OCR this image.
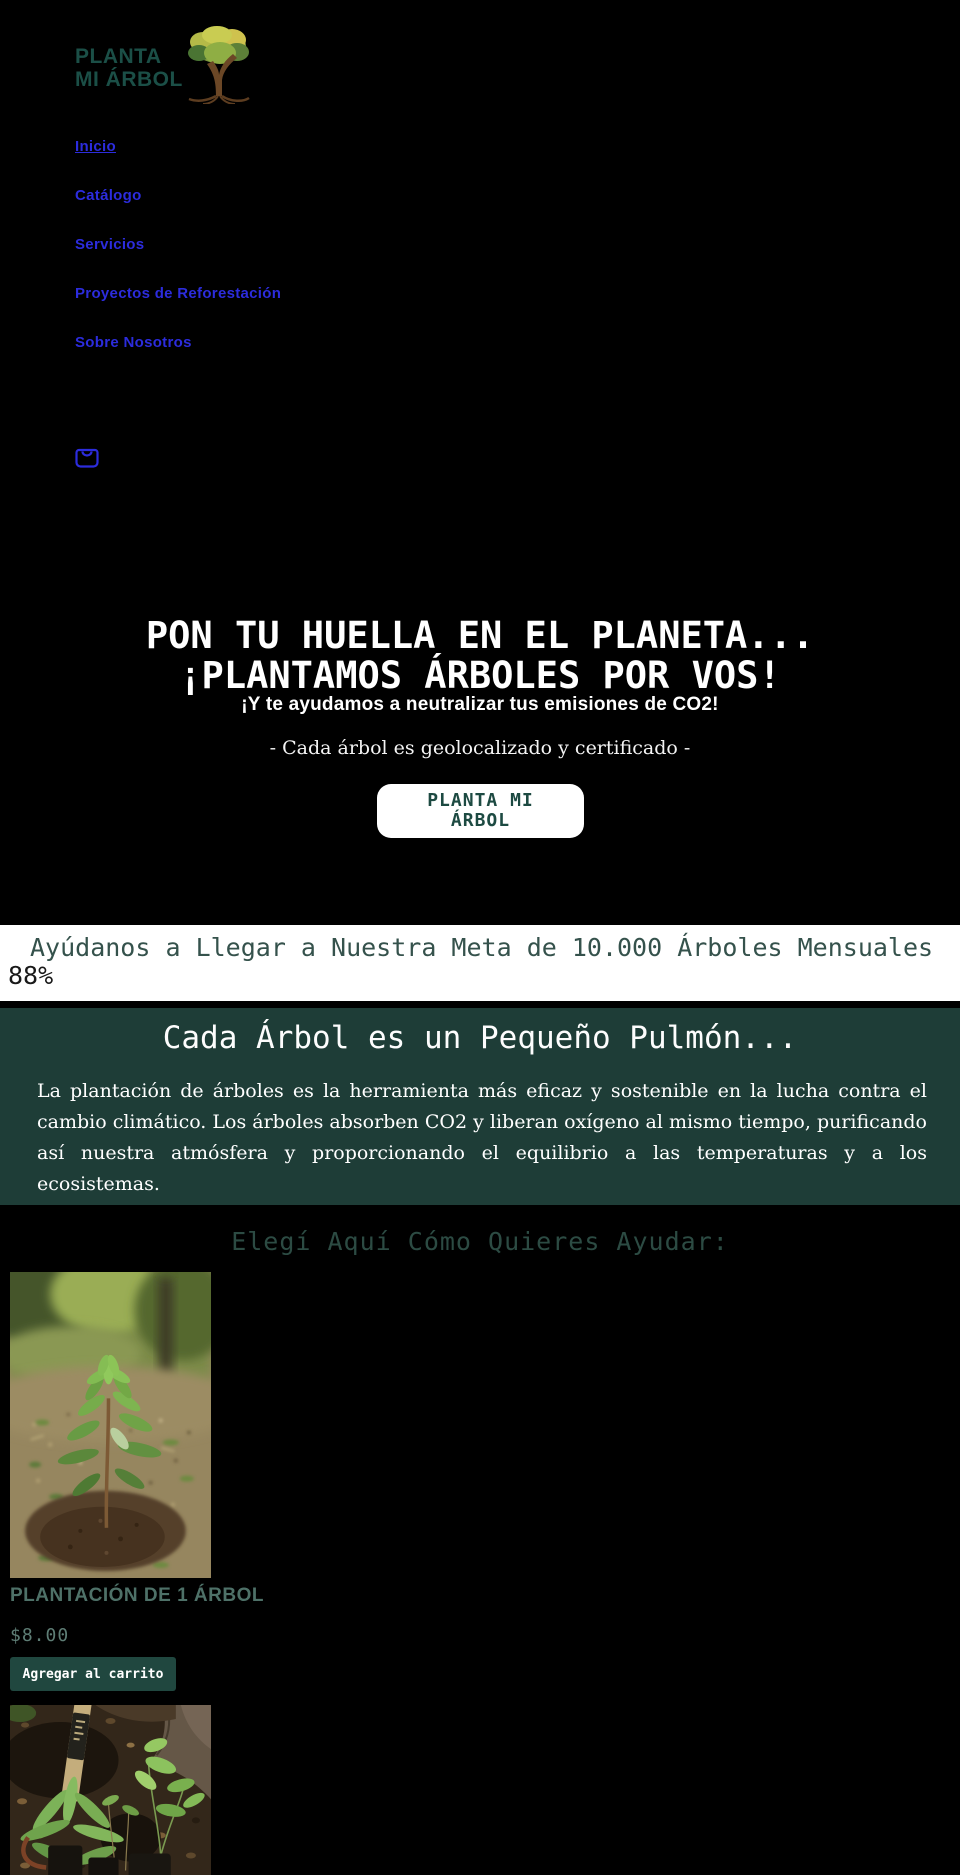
PLANTA
MI ÁRBOL
Inicio
Catálogo
Servicios
Proyectos de Reforestación
Sobre Nosotros
PON TU HUELLA EN EL PLANETA...
¡PLANTAMOS ÁRBOLES POR VOS!
¡Y te ayudamos a neutralizar tus emisiones de CO2!
- Cada árbol es geolocalizado y certificado -
PLANTA MI
ÁRBOL
Ayúdanos a Llegar a Nuestra Meta de 10.000 Árboles Mensuales
88%
Cada Árbol es un Pequeño Pulmón...

La plantación de árboles es la herramienta más eficaz y sostenible en la lucha contra el cambio climático. Los árboles absorben CO2 y liberan oxígeno al mismo tiempo, purificando así nuestra atmósfera y proporcionando el equilibrio a las temperaturas y a los ecosistemas.

Elegí Aquí Cómo Quieres Ayudar:
PLANTACIÓN DE 1 ÁRBOL
$8.00
Agregar al carrito
